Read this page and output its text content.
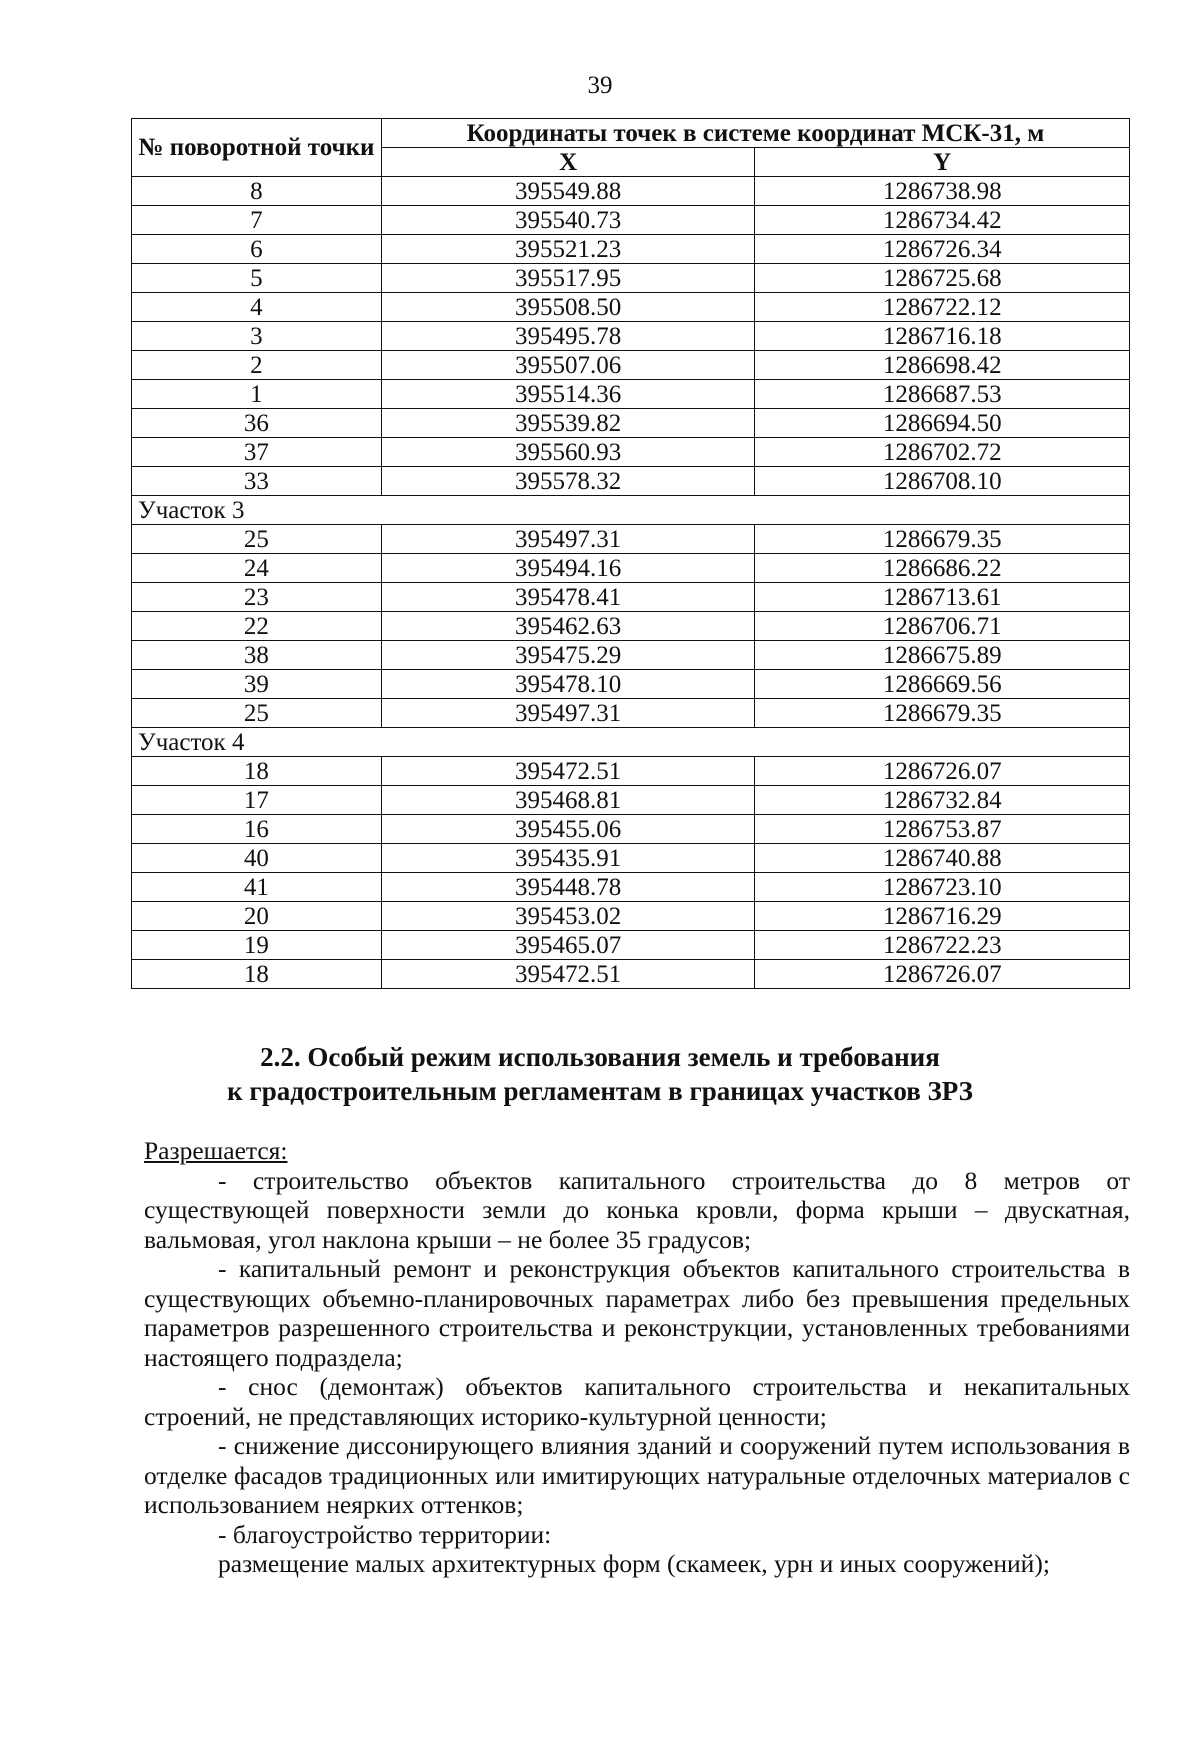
39
№ поворотной точки	Координаты точек в системе координат МСК-31, м	
	X	Y
8	395549.88	1286738.98
7	395540.73	1286734.42
6	395521.23	1286726.34
5	395517.95	1286725.68
4	395508.50	1286722.12
3	395495.78	1286716.18
2	395507.06	1286698.42
1	395514.36	1286687.53
36	395539.82	1286694.50
37	395560.93	1286702.72
33	395578.32	1286708.10
Участок 3		
25	395497.31	1286679.35
24	395494.16	1286686.22
23	395478.41	1286713.61
22	395462.63	1286706.71
38	395475.29	1286675.89
39	395478.10	1286669.56
25	395497.31	1286679.35
Участок 4		
18	395472.51	1286726.07
17	395468.81	1286732.84
16	395455.06	1286753.87
40	395435.91	1286740.88
41	395448.78	1286723.10
20	395453.02	1286716.29
19	395465.07	1286722.23
18	395472.51	1286726.07
2.2. Особый режим использования земель и требования
к градостроительным регламентам в границах участков ЗРЗ

Разрешается:

- строительство объектов капитального строительства до 8 метров от существующей поверхности земли до конька кровли, форма крыши – двускатная, вальмовая, угол наклона крыши – не более 35 градусов;

- капитальный ремонт и реконструкция объектов капитального строительства в существующих объемно-планировочных параметрах либо без превышения предельных параметров разрешенного строительства и реконструкции, установленных требованиями настоящего подраздела;

- снос (демонтаж) объектов капитального строительства и некапитальных строений, не представляющих историко-культурной ценности;

- снижение диссонирующего влияния зданий и сооружений путем использования в отделке фасадов традиционных или имитирующих натуральные отделочных материалов с использованием неярких оттенков;

- благоустройство территории:

размещение малых архитектурных форм (скамеек, урн и иных сооружений);
